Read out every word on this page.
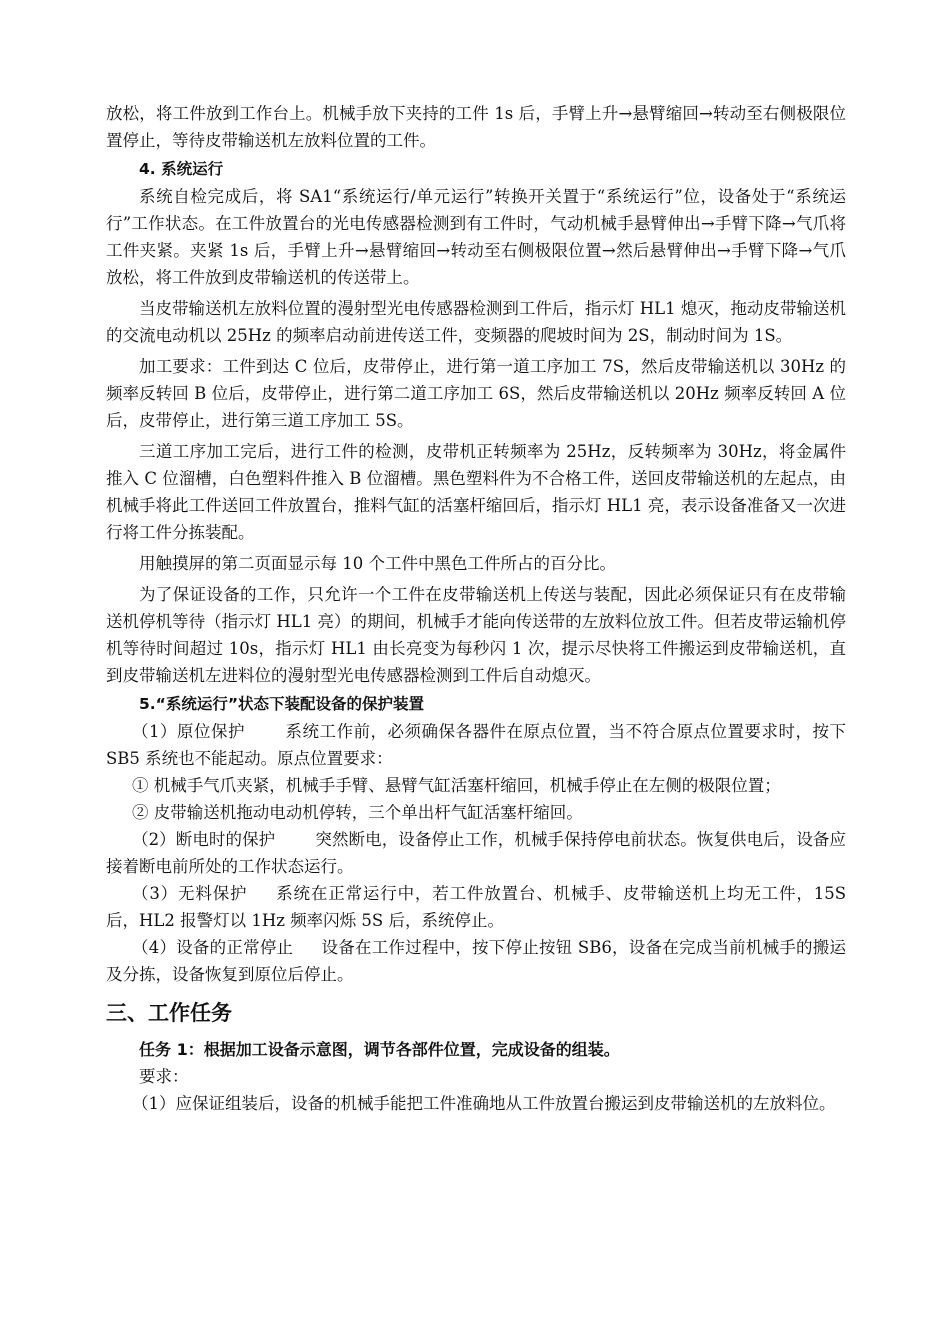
放松，将工件放到工作台上。机械手放下夹持的工件 1s 后，手臂上升→悬臂缩回→转动至右侧极限位置停止，等待皮带输送机左放料位置的工件。

4. 系统运行

系统自检完成后，将 SA1“系统运行/单元运行”转换开关置于“系统运行”位，设备处于“系统运行”工作状态。在工件放置台的光电传感器检测到有工件时，气动机械手悬臂伸出→手臂下降→气爪将工件夹紧。夹紧 1s 后，手臂上升→悬臂缩回→转动至右侧极限位置→然后悬臂伸出→手臂下降→气爪放松，将工件放到皮带输送机的传送带上。

当皮带输送机左放料位置的漫射型光电传感器检测到工件后，指示灯 HL1 熄灭，拖动皮带输送机的交流电动机以 25Hz 的频率启动前进传送工件，变频器的爬坡时间为 2S，制动时间为 1S。

加工要求：工件到达 C 位后，皮带停止，进行第一道工序加工 7S，然后皮带输送机以 30Hz 的频率反转回 B 位后，皮带停止，进行第二道工序加工 6S，然后皮带输送机以 20Hz 频率反转回 A 位后，皮带停止，进行第三道工序加工 5S。

三道工序加工完后，进行工件的检测，皮带机正转频率为 25Hz，反转频率为 30Hz，将金属件推入 C 位溜槽，白色塑料件推入 B 位溜槽。黑色塑料件为不合格工件，送回皮带输送机的左起点，由机械手将此工件送回工件放置台，推料气缸的活塞杆缩回后，指示灯 HL1 亮，表示设备准备又一次进行将工件分拣装配。

用触摸屏的第二页面显示每 10 个工件中黑色工件所占的百分比。

为了保证设备的工作，只允许一个工件在皮带输送机上传送与装配，因此必须保证只有在皮带输送机停机等待（指示灯 HL1 亮）的期间，机械手才能向传送带的左放料位放工件。但若皮带运输机停机等待时间超过 10s，指示灯 HL1 由长亮变为每秒闪 1 次，提示尽快将工件搬运到皮带输送机，直到皮带输送机左进料位的漫射型光电传感器检测到工件后自动熄灭。

5.“系统运行”状态下装配设备的保护装置

（1）原位保护 系统工作前，必须确保各器件在原点位置，当不符合原点位置要求时，按下 SB5 系统也不能起动。原点位置要求：

① 机械手气爪夹紧，机械手手臂、悬臂气缸活塞杆缩回，机械手停止在左侧的极限位置；

② 皮带输送机拖动电动机停转，三个单出杆气缸活塞杆缩回。

（2）断电时的保护 突然断电，设备停止工作，机械手保持停电前状态。恢复供电后，设备应接着断电前所处的工作状态运行。

（3）无料保护 系统在正常运行中，若工件放置台、机械手、皮带输送机上均无工件，15S 后，HL2 报警灯以 1Hz 频率闪烁 5S 后，系统停止。

（4）设备的正常停止 设备在工作过程中，按下停止按钮 SB6，设备在完成当前机械手的搬运及分拣，设备恢复到原位后停止。

三、工作任务

任务 1：根据加工设备示意图，调节各部件位置，完成设备的组装。

要求：

（1）应保证组装后，设备的机械手能把工件准确地从工件放置台搬运到皮带输送机的左放料位。
